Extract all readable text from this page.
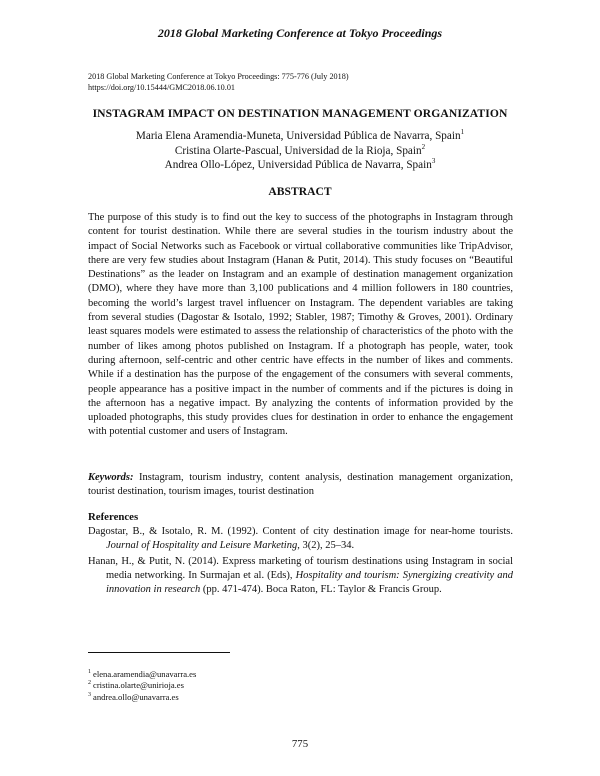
2018 Global Marketing Conference at Tokyo Proceedings
2018 Global Marketing Conference at Tokyo Proceedings: 775-776 (July 2018)
https://doi.org/10.15444/GMC2018.06.10.01
INSTAGRAM IMPACT ON DESTINATION MANAGEMENT ORGANIZATION
Maria Elena Aramendia-Muneta, Universidad Pública de Navarra, Spain$^1$
Cristina Olarte-Pascual, Universidad de la Rioja, Spain$^2$
Andrea Ollo-López, Universidad Pública de Navarra, Spain$^3$
ABSTRACT

The purpose of this study is to find out the key to success of the photographs in Instagram through content for tourist destination. While there are several studies in the tourism industry about the impact of Social Networks such as Facebook or virtual collaborative communities like TripAdvisor, there are very few studies about Instagram (Hanan & Putit, 2014). This study focuses on “Beautiful Destinations” as the leader on Instagram and an example of destination management organization (DMO), where they have more than 3,100 publications and 4 million followers in 180 countries, becoming the world’s largest travel influencer on Instagram. The dependent variables are taking from several studies (Dagostar & Isotalo, 1992; Stabler, 1987; Timothy & Groves, 2001). Ordinary least squares models were estimated to assess the relationship of characteristics of the photo with the number of likes among photos published on Instagram. If a photograph has people, water, took during afternoon, self-centric and other centric have effects in the number of likes and comments. While if a destination has the purpose of the engagement of the consumers with several comments, people appearance has a positive impact in the number of comments and if the pictures is doing in the afternoon has a negative impact. By analyzing the contents of information provided by the uploaded photographs, this study provides clues for destination in order to enhance the engagement with potential customer and users of Instagram.

Keywords: Instagram, tourism industry, content analysis, destination management organization, tourist destination, tourism images, tourist destination

References

Dagostar, B., & Isotalo, R. M. (1992). Content of city destination image for near-home tourists. Journal of Hospitality and Leisure Marketing, 3(2), 25–34.

Hanan, H., & Putit, N. (2014). Express marketing of tourism destinations using Instagram in social media networking. In Surmajan et al. (Eds), Hospitality and tourism: Synergizing creativity and innovation in research (pp. 471-474). Boca Raton, FL: Taylor & Francis Group.

$^1$ elena.aramendia@unavarra.es
$^2$ cristina.olarte@unirioja.es
$^3$ andrea.ollo@unavarra.es
775
